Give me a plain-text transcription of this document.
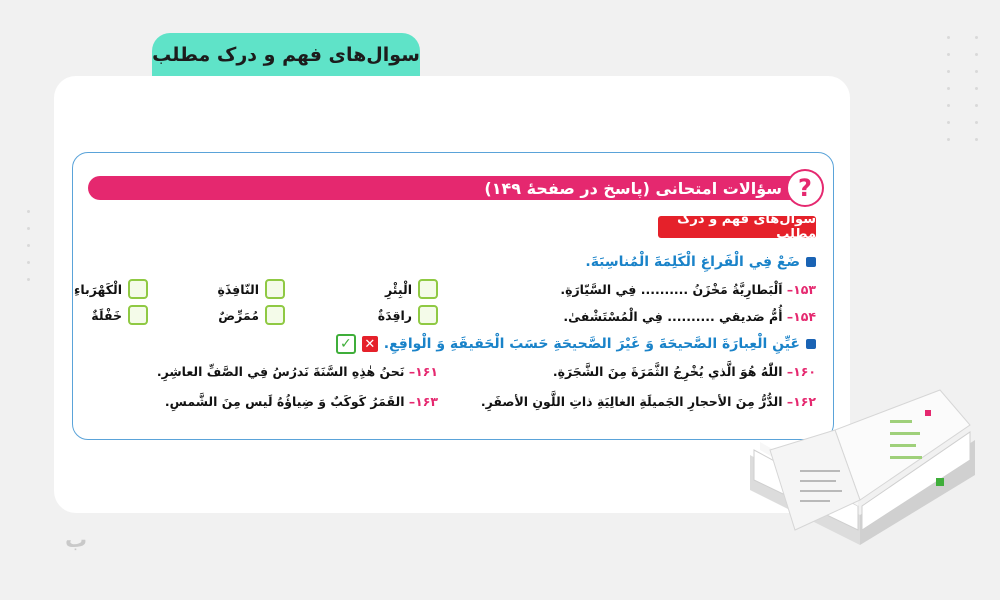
سوال‌های فهم و درک مطلب
?
سؤالات امتحانی (پاسخ در صفحهٔ ۱۴۹)
سوال‌های فهم و درک مطلب
ضَعْ فِي الْفَراغِ الْكَلِمَةَ الْمُناسِبَةَ.
۱۵۳– اَلْبَطارِيَّةُ مَخْزَنُ .......... فِي السَّيّارَةِ.
۱۵۴– أُمُّ صَديقي .......... فِي الْمُسْتَشْفىٰ.
الْبِئْرِ
النّافِذَةِ
الْكَهْرَباءِ
راقِدَةٌ
مُمَرِّضٌ
خَفْلَةٌ
عَيِّنِ الْعِبارَةَ الصَّحيحَةَ وَ غَيْرَ الصَّحيحَةِ حَسَبَ الْحَقيقَةِ وَ الْواقِعِ.
✕
✓
۱۶۰– اللّٰهُ هُوَ الَّذي يُخْرِجُ الثَّمَرَةَ مِنَ الشَّجَرَةِ.
۱۶۱– نَحنُ هٰذِهِ السَّنَةَ نَدرُسُ فِي الصَّفِّ العاشِرِ.
۱۶۲– الدُّرُّ مِنَ الأحجارِ الجَميلَةِ الغالِيَةِ ذاتِ اللَّونِ الأصفَرِ.
۱۶۳– القَمَرُ كَوكَبٌ وَ ضِياؤُهُ لَيس مِنَ الشَّمسِ.
ب
